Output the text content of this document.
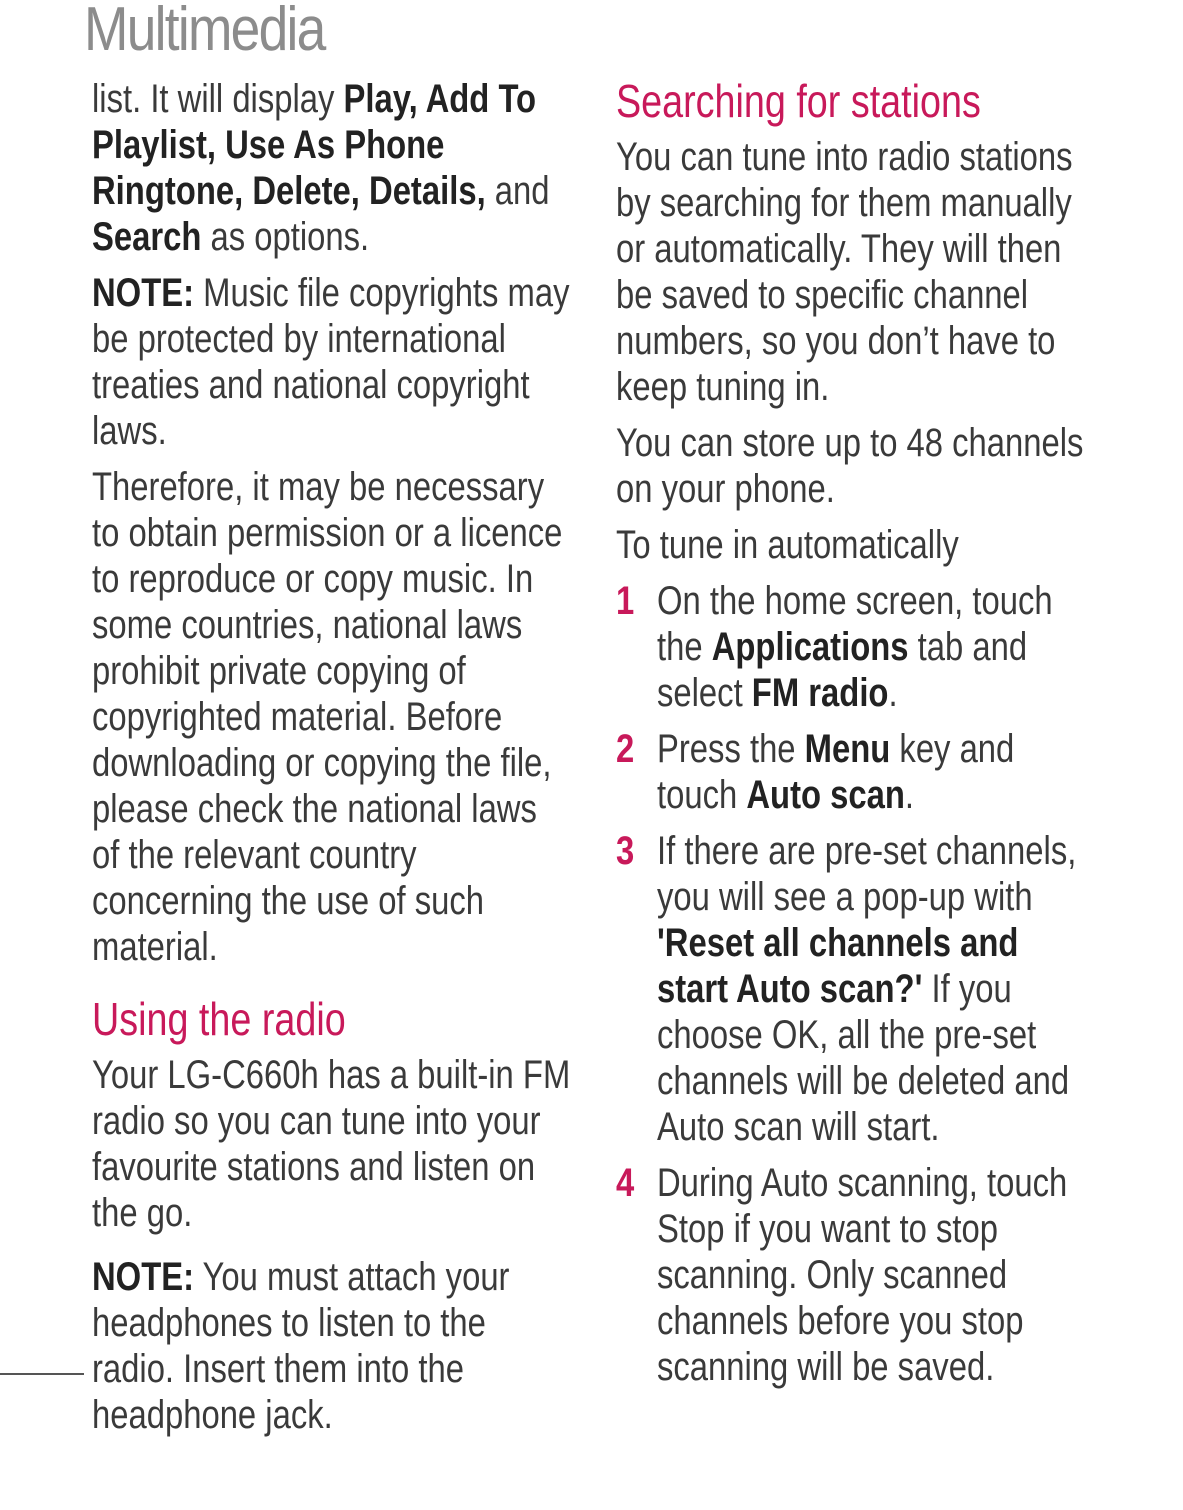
Multimedia

list. It will display Play, Add To Playlist, Use As Phone Ringtone, Delete, Details, and Search as options.

NOTE: Music file copyrights may be protected by international treaties and national copyright laws.

Therefore, it may be necessary to obtain permission or a licence to reproduce or copy music. In some countries, national laws prohibit private copying of copyrighted material. Before downloading or copying the file, please check the national laws of the relevant country concerning the use of such material.

Using the radio

Your LG-C660h has a built-in FM radio so you can tune into your favourite stations and listen on the go.

NOTE: You must attach your headphones to listen to the radio. Insert them into the headphone jack.

Searching for stations

You can tune into radio stations by searching for them manually or automatically. They will then be saved to specific channel numbers, so you don’t have to keep tuning in.

You can store up to 48 channels on your phone.

To tune in automatically

1 On the home screen, touch the Applications tab and select FM radio.
2 Press the Menu key and touch Auto scan.
3 If there are pre-set channels, you will see a pop-up with 'Reset all channels and start Auto scan?' If you choose OK, all the pre-set channels will be deleted and Auto scan will start.
4 During Auto scanning, touch Stop if you want to stop scanning. Only scanned channels before you stop scanning will be saved.
